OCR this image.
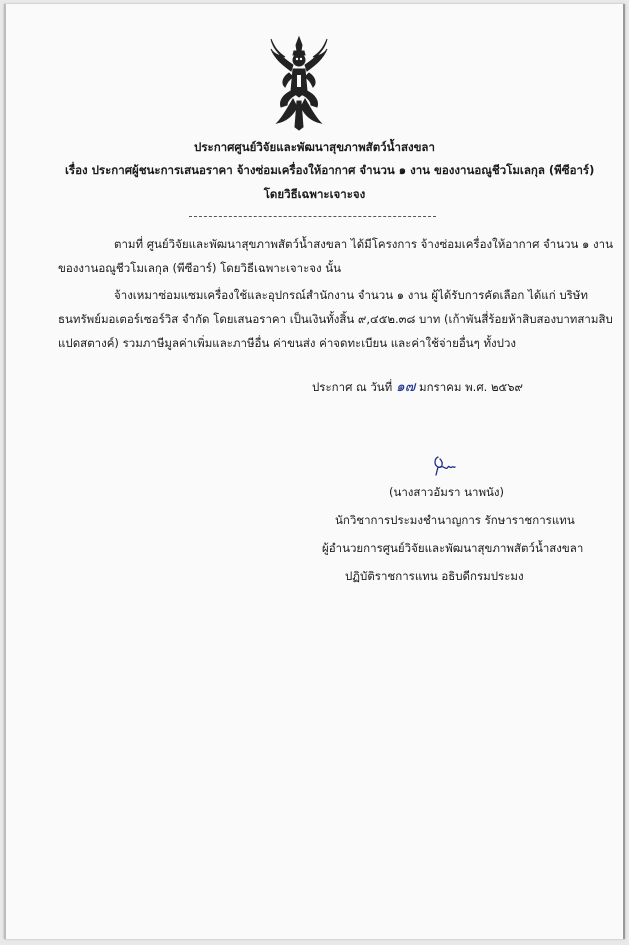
ประกาศศูนย์วิจัยและพัฒนาสุขภาพสัตว์น้ำสงขลา
เรื่อง ประกาศผู้ชนะการเสนอราคา จ้างซ่อมเครื่องให้อากาศ จำนวน ๑ งาน ของงานอณูชีวโมเลกุล (พีซีอาร์)
โดยวิธีเฉพาะเจาะจง
ตามที่ ศูนย์วิจัยและพัฒนาสุขภาพสัตว์น้ำสงขลา ได้มีโครงการ จ้างซ่อมเครื่องให้อากาศ จำนวน ๑ งาน
ของงานอณูชีวโมเลกุล (พีซีอาร์) โดยวิธีเฉพาะเจาะจง นั้น
จ้างเหมาซ่อมแซมเครื่องใช้และอุปกรณ์สำนักงาน จำนวน ๑ งาน ผู้ได้รับการคัดเลือก ได้แก่ บริษัท
ธนทรัพย์มอเตอร์เซอร์วิส จำกัด โดยเสนอราคา เป็นเงินทั้งสิ้น ๙,๔๕๒.๓๘ บาท (เก้าพันสี่ร้อยห้าสิบสองบาทสามสิบ
แปดสตางค์) รวมภาษีมูลค่าเพิ่มและภาษีอื่น ค่าขนส่ง ค่าจดทะเบียน และค่าใช้จ่ายอื่นๆ ทั้งปวง
ประกาศ ณ วันที่ ๑๗ มกราคม พ.ศ. ๒๕๖๙
(นางสาวอัมรา นาพนัง)
นักวิชาการประมงชำนาญการ รักษาราชการแทน
ผู้อำนวยการศูนย์วิจัยและพัฒนาสุขภาพสัตว์น้ำสงขลา
ปฏิบัติราชการแทน อธิบดีกรมประมง
